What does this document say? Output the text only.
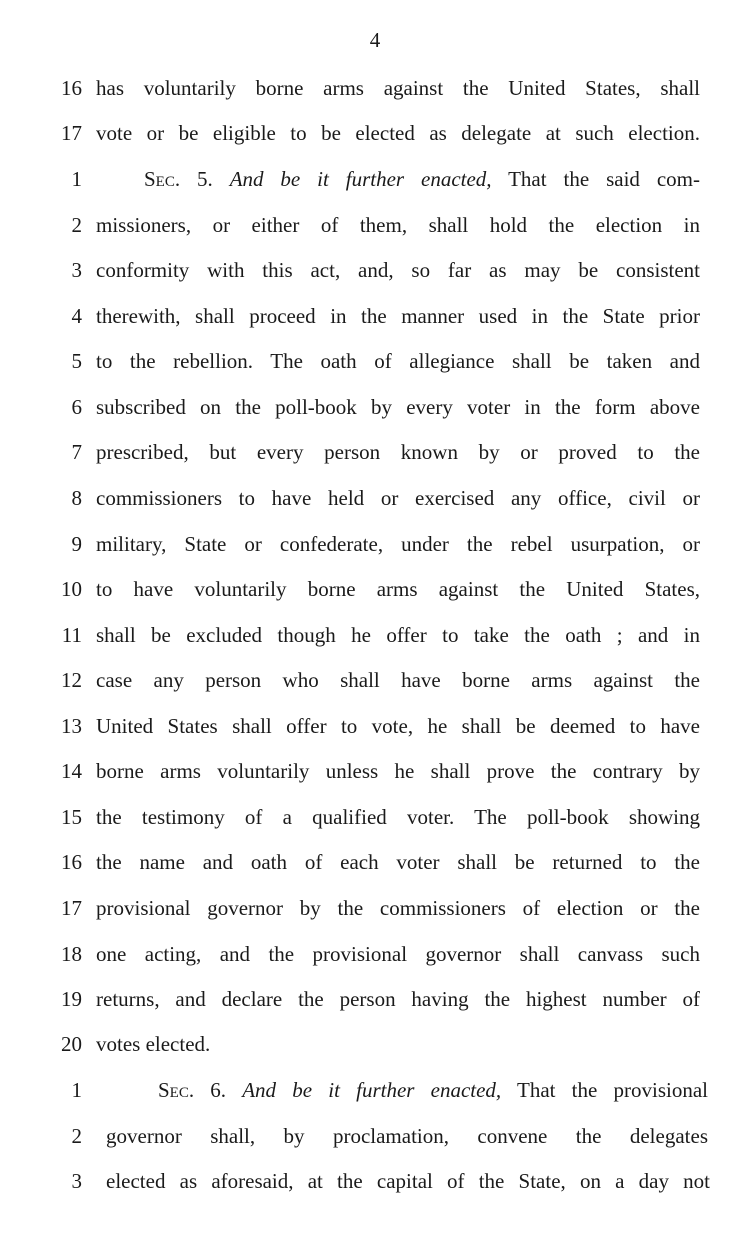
4
16 has voluntarily borne arms against the United States, shall
17 vote or be eligible to be elected as delegate at such election.
1	Sec. 5. And be it further enacted, That the said com-
2 missioners, or either of them, shall hold the election in
3 conformity with this act, and, so far as may be consistent
4 therewith, shall proceed in the manner used in the State prior
5 to the rebellion. The oath of allegiance shall be taken and
6 subscribed on the poll-book by every voter in the form above
7 prescribed, but every person known by or proved to the
8 commissioners to have held or exercised any office, civil or
9 military, State or confederate, under the rebel usurpation, or
10 to have voluntarily borne arms against the United States,
11 shall be excluded though he offer to take the oath ; and in
12 case any person who shall have borne arms against the
13 United States shall offer to vote, he shall be deemed to have
14 borne arms voluntarily unless he shall prove the contrary by
15 the testimony of a qualified voter. The poll-book showing
16 the name and oath of each voter shall be returned to the
17 provisional governor by the commissioners of election or the
18 one acting, and the provisional governor shall canvass such
19 returns, and declare the person having the highest number of
20 votes elected.
1	Sec. 6. And be it further enacted, That the provisional
2 governor shall, by proclamation, convene the delegates
3 elected as aforesaid, at the capital of the State, on a day not
